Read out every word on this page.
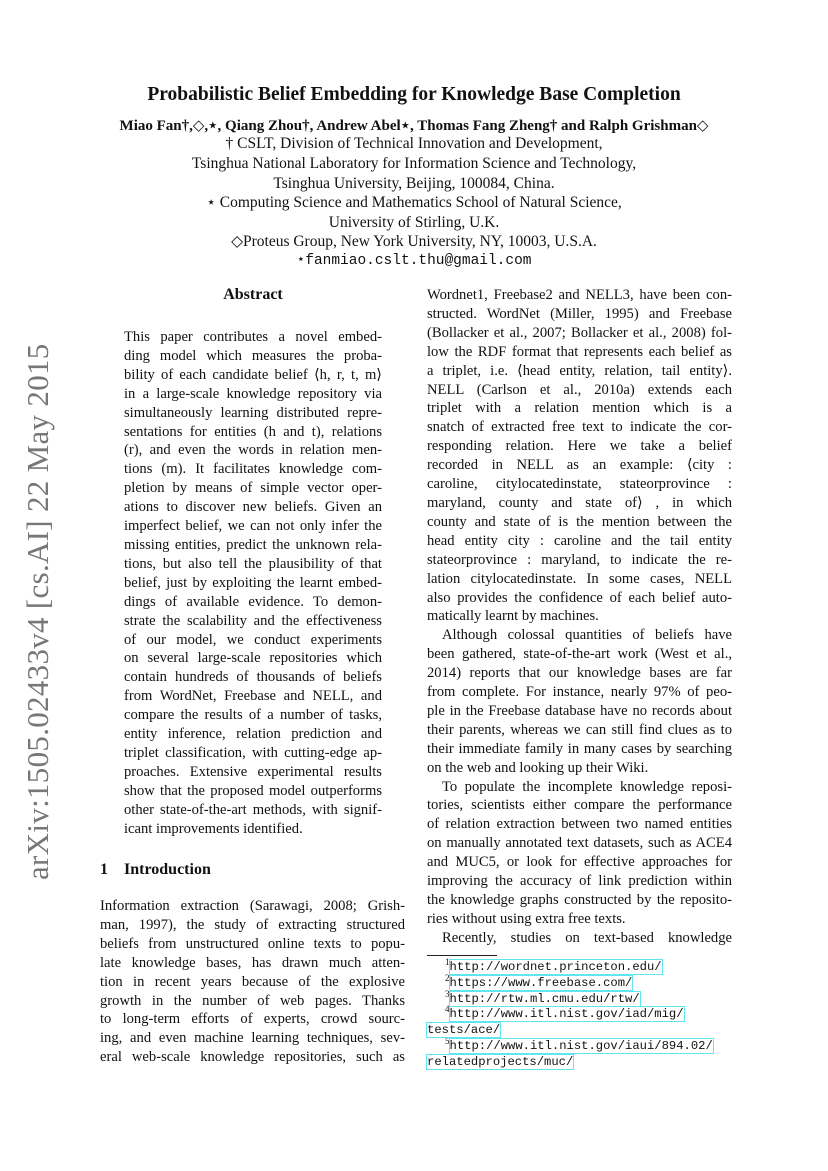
arXiv:1505.02433v4 [cs.AI] 22 May 2015
Probabilistic Belief Embedding for Knowledge Base Completion
Miao Fan†,◇,⋆, Qiang Zhou†, Andrew Abel⋆, Thomas Fang Zheng† and Ralph Grishman◇
† CSLT, Division of Technical Innovation and Development,
Tsinghua National Laboratory for Information Science and Technology,
Tsinghua University, Beijing, 100084, China.
⋆ Computing Science and Mathematics School of Natural Science,
University of Stirling, U.K.
◇Proteus Group, New York University, NY, 10003, U.S.A.
⋆fanmiao.cslt.thu@gmail.com
Abstract
This paper contributes a novel embed-
ding model which measures the proba-
bility of each candidate belief ⟨h, r, t, m⟩
in a large-scale knowledge repository via
simultaneously learning distributed repre-
sentations for entities (h and t), relations
(r), and even the words in relation men-
tions (m). It facilitates knowledge com-
pletion by means of simple vector oper-
ations to discover new beliefs. Given an
imperfect belief, we can not only infer the
missing entities, predict the unknown rela-
tions, but also tell the plausibility of that
belief, just by exploiting the learnt embed-
dings of available evidence. To demon-
strate the scalability and the effectiveness
of our model, we conduct experiments
on several large-scale repositories which
contain hundreds of thousands of beliefs
from WordNet, Freebase and NELL, and
compare the results of a number of tasks,
entity inference, relation prediction and
triplet classification, with cutting-edge ap-
proaches. Extensive experimental results
show that the proposed model outperforms
other state-of-the-art methods, with signif-
icant improvements identified.
1 Introduction
Information extraction (Sarawagi, 2008; Grish-
man, 1997), the study of extracting structured
beliefs from unstructured online texts to popu-
late knowledge bases, has drawn much atten-
tion in recent years because of the explosive
growth in the number of web pages. Thanks
to long-term efforts of experts, crowd sourc-
ing, and even machine learning techniques, sev-
eral web-scale knowledge repositories, such as
Wordnet1, Freebase2 and NELL3, have been con-
structed. WordNet (Miller, 1995) and Freebase
(Bollacker et al., 2007; Bollacker et al., 2008) fol-
low the RDF format that represents each belief as
a triplet, i.e. ⟨head entity, relation, tail entity⟩.
NELL (Carlson et al., 2010a) extends each
triplet with a relation mention which is a
snatch of extracted free text to indicate the cor-
responding relation. Here we take a belief
recorded in NELL as an example: ⟨city :
caroline, citylocatedinstate, stateorprovince :
maryland, county and state of⟩ , in which
county and state of is the mention between the
head entity city : caroline and the tail entity
stateorprovince : maryland, to indicate the re-
lation citylocatedinstate. In some cases, NELL
also provides the confidence of each belief auto-
matically learnt by machines.
Although colossal quantities of beliefs have
been gathered, state-of-the-art work (West et al.,
2014) reports that our knowledge bases are far
from complete. For instance, nearly 97% of peo-
ple in the Freebase database have no records about
their parents, whereas we can still find clues as to
their immediate family in many cases by searching
on the web and looking up their Wiki.
To populate the incomplete knowledge reposi-
tories, scientists either compare the performance
of relation extraction between two named entities
on manually annotated text datasets, such as ACE4
and MUC5, or look for effective approaches for
improving the accuracy of link prediction within
the knowledge graphs constructed by the reposito-
ries without using extra free texts.
Recently, studies on text-based knowledge
$^1$http://wordnet.princeton.edu/
$^2$https://www.freebase.com/
$^3$http://rtw.ml.cmu.edu/rtw/
$^4$http://www.itl.nist.gov/iad/mig/
tests/ace/
$^5$http://www.itl.nist.gov/iaui/894.02/
relatedprojects/muc/
